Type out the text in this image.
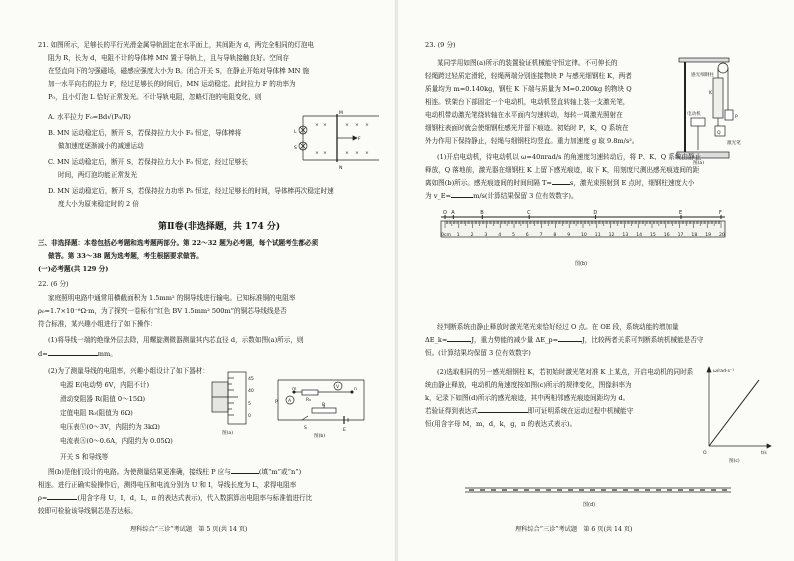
21. 如图所示，足够长的平行光滑金属导轨固定在水平面上，其间距为 d，两完全相同的灯泡电
阻为 R，长为 d，电阻不计的导体棒 MN 置于导轨上，且与导轨接触良好。空间存
在竖直向下的匀强磁场，磁感应强度大小为 B。闭合开关 S，在静止开始对导体棒 MN 施
加一水平向右的拉力 F，经过足够长的时间后，MN 运动稳定。此时拉力 F 的功率为
P₀，且小灯泡 L 恰好正常发光。不计导轨电阻，忽略灯泡的电阻变化，则
A. 水平拉力 F₀=Bd√(P₀/R)
B. MN 运动稳定后，断开 S，若保持拉力大小 F₀ 恒定，导体棒将
做加速度逐渐减小的减速运动
C. MN 运动稳定后，断开 S，若保持拉力大小 F₀ 恒定，经过足够长
时间，两灯泡均能正常发光
D. MN 运动稳定后，断开 S，若保持拉力功率 P₀ 恒定，经过足够长的时间，导体棒再次稳定时速
度大小为原来稳定时的 2 倍
M
N
L
S
F
× ×	× × ×
× ×	× × ×
第Ⅱ卷(非选择题，共 174 分)
三、非选择题：本卷包括必考题和选考题两部分。第 22～32 题为必考题，每个试题考生都必须
做答。第 33～38 题为选考题，考生根据要求做答。
(一)必考题(共 129 分)
22. (6 分)
家庭照明电路中通常用横截面积为 1.5mm² 的铜导线进行输电。已知标准铜的电阻率
ρ₀=1.7×10⁻⁸Ω·m，为了探究一卷标有“红色 BV 1.5mm² 500m”的铜芯导线线是否
符合标准，某兴趣小组进行了如下操作：
(1)将导线一端的绝缘外层去除，用螺旋测微器测量其内芯直径 d，示数如图(a)所示，则
d=	mm。
(2)为了测量导线的电阻率，兴趣小组设计了如下器材：
电源 E(电动势 6V，内阻不计)
滑动变阻器 R(阻值 0～15Ω)
定值电阻 R₀(阻值为 6Ω)
电压表Ⓥ(0～3V，内阻约为 3kΩ)
电流表Ⓐ(0～0.6A，内阻约为 0.05Ω)
开关 S 和导线等
45
40
5
0
图(a)
m	n
P	R₀
V
A
R
S	E
图(b)
图(b)是他们设计的电路。为使测量结果更准确，接线柱 P 应与	(填“m”或“n”)
相连。进行正确实验操作后，测得电压和电流分别为 U 和 I，导线长度为 L，求得电阻率
ρ=	(用含字母 U，I，d，L，π 的表达式表示)，代入数据算出电阻率与标准值进行比
较即可检验该导线铜芯是否达标。
理科综合“三诊”考试题　第 5 页(共 14 页)
23. (9 分)
某同学用如图(a)所示的装置验证机械能守恒定律。不可伸长的
轻绳跨过轻质定滑轮，轻绳两端分别连接物块 P 与感光细钢柱 K，两者
质量均为 m=0.140kg，钢柱 K 下端与质量为 M=0.200kg 的物块 Q
相连。铁架台下部固定一个电动机，电动机竖直转轴上装一支激光笔，
电动机带动激光笔绕转轴在水平面内匀速转动，每转一周激光照射在
细钢柱表面时就会使细钢柱感光并留下痕迹。初始时 P，K，Q 系统在
外力作用下保持静止，轻绳与细钢柱均竖直。重力加速度 g 取 9.8m/s²。
感光细钢柱
电动机
激光笔
P
K
Q
图(a)
(1)开启电动机，待电动机以 ω=40πrad/s 的角速度匀速转动后，将 P、K、Q 系统由静止
释放，Q 落地前，激光器在细钢柱 K 上留下感光痕迹，取下 K，用刻度尺测出感光痕迹间的距
离如图(b)所示。感光痕迹间的时间间隔 T=	s，激光束照射到 E 点时，细钢柱速度大小
为 v_E=	m/s(计算结果保留 3 位有效数字)。
0cm 1 2 3 4 5 6 7 8 9 10 11 12 13 14 15 16 17 18 19 20
O A	B	C	D	E	F
图(b)
经判断系统由静止释放时激光笔光束恰好经过 O 点。在 OE 段，系统动能的增加量
ΔE_k=	J，重力势能的减少量 ΔE_p=	J，比较两者关系可判断系统机械能是否守
恒。(计算结果均保留 3 位有效数字)
(2)选取相同的另一感光细钢柱 K，若初始时激光笔对准 K 上某点，开启电动机的同时系
统由静止释放，电动机的角速度按如图(c)所示的规律变化，图像斜率为
k，记录下如图(d)所示的感光痕迹，其中两相邻感光痕迹间距均为 d。
若验证得到表达式	即可证明系统在运动过程中机械能守
恒(用含字母 M，m，d，k，g，π 的表达式表示)。
ω/rad·s⁻¹
t/s
O
图(c)
图(d)
理科综合“三诊”考试题　第 6 页(共 14 页)
